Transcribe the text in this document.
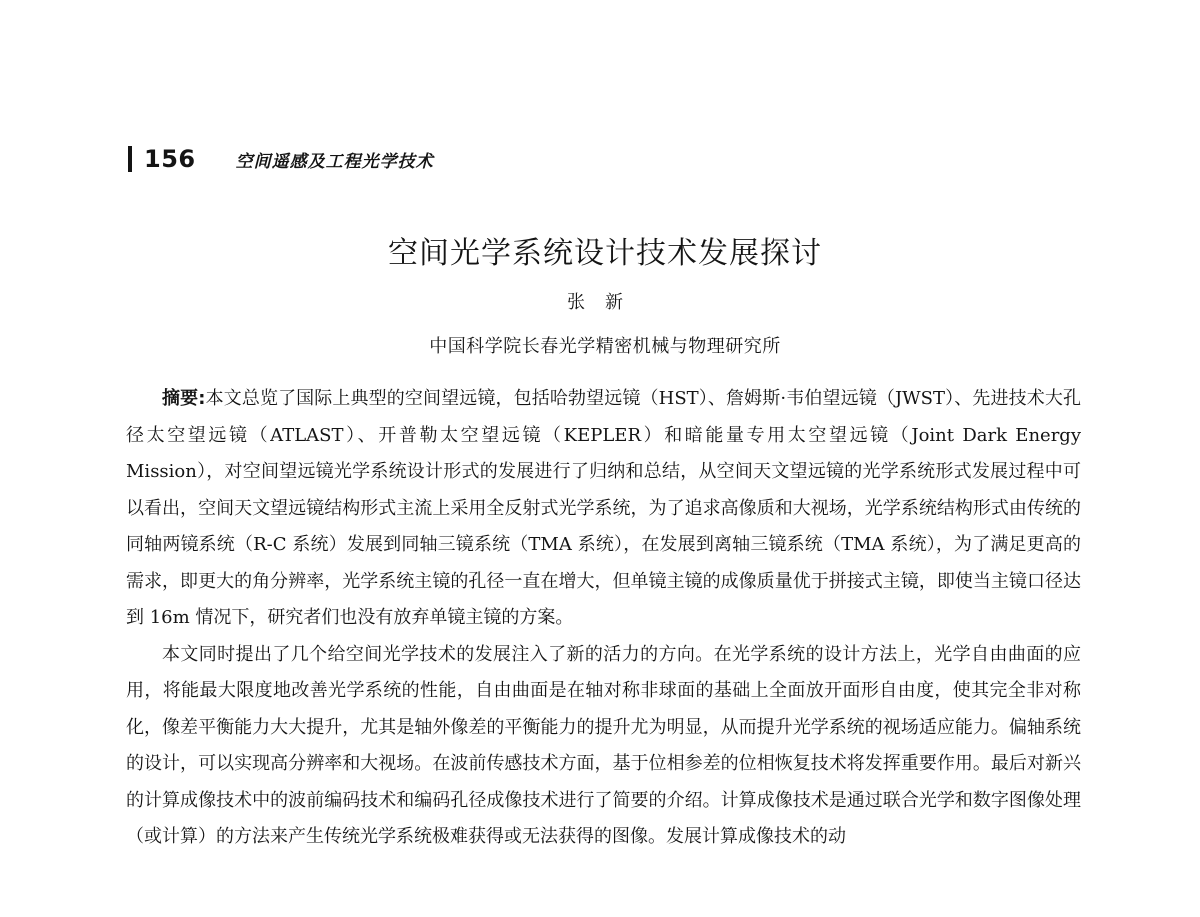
156 空间遥感及工程光学技术
空间光学系统设计技术发展探讨
张新
中国科学院长春光学精密机械与物理研究所

摘要:本文总览了国际上典型的空间望远镜，包括哈勃望远镜（HST）、詹姆斯·韦伯望远镜（JWST）、先进技术大孔径太空望远镜（ATLAST）、开普勒太空望远镜（KEPLER）和暗能量专用太空望远镜（Joint Dark Energy Mission），对空间望远镜光学系统设计形式的发展进行了归纳和总结，从空间天文望远镜的光学系统形式发展过程中可以看出，空间天文望远镜结构形式主流上采用全反射式光学系统，为了追求高像质和大视场，光学系统结构形式由传统的同轴两镜系统（R-C 系统）发展到同轴三镜系统（TMA 系统），在发展到离轴三镜系统（TMA 系统），为了满足更高的需求，即更大的角分辨率，光学系统主镜的孔径一直在增大，但单镜主镜的成像质量优于拼接式主镜，即使当主镜口径达到 16m 情况下，研究者们也没有放弃单镜主镜的方案。

本文同时提出了几个给空间光学技术的发展注入了新的活力的方向。在光学系统的设计方法上，光学自由曲面的应用，将能最大限度地改善光学系统的性能，自由曲面是在轴对称非球面的基础上全面放开面形自由度，使其完全非对称化，像差平衡能力大大提升，尤其是轴外像差的平衡能力的提升尤为明显，从而提升光学系统的视场适应能力。偏轴系统的设计，可以实现高分辨率和大视场。在波前传感技术方面，基于位相参差的位相恢复技术将发挥重要作用。最后对新兴的计算成像技术中的波前编码技术和编码孔径成像技术进行了简要的介绍。计算成像技术是通过联合光学和数字图像处理（或计算）的方法来产生传统光学系统极难获得或无法获得的图像。发展计算成像技术的动
